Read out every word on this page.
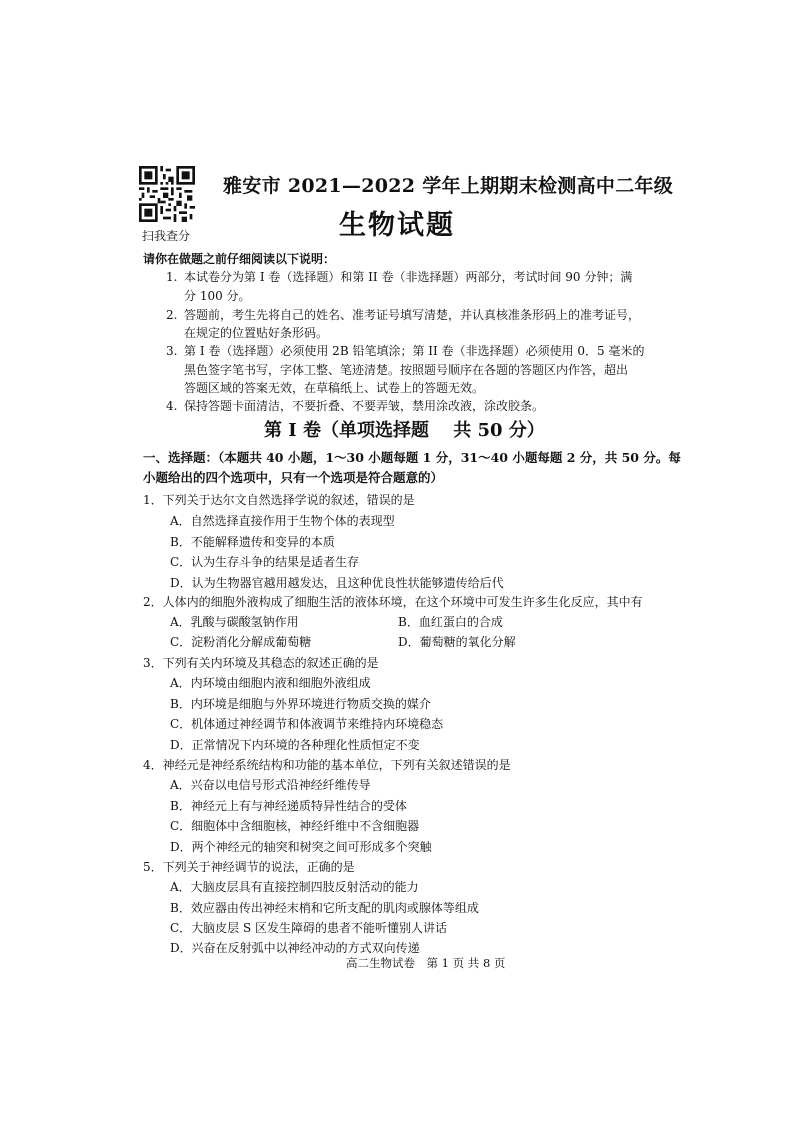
扫我查分
雅安市 2021—2022 学年上期期末检测高中二年级
生物试题
请你在做题之前仔细阅读以下说明：
1. 本试卷分为第 I 卷（选择题）和第 II 卷（非选择题）两部分，考试时间 90 分钟；满
分 100 分。
2. 答题前，考生先将自己的姓名、准考证号填写清楚，并认真核准条形码上的准考证号，
在规定的位置贴好条形码。
3. 第 I 卷（选择题）必须使用 2B 铅笔填涂；第 II 卷（非选择题）必须使用 0．5 毫米的
黑色签字笔书写，字体工整、笔迹清楚。按照题号顺序在各题的答题区内作答，超出
答题区域的答案无效，在草稿纸上、试卷上的答题无效。
4. 保持答题卡面清洁，不要折叠、不要弄皱，禁用涂改液，涂改胶条。
第 I 卷（单项选择题　 共 50 分）
一、选择题：（本题共 40 小题，1～30 小题每题 1 分，31～40 小题每题 2 分，共 50 分。每
小题给出的四个选项中，只有一个选项是符合题意的）
1．下列关于达尔文自然选择学说的叙述，错误的是
A．自然选择直接作用于生物个体的表现型
B．不能解释遗传和变异的本质
C．认为生存斗争的结果是适者生存
D．认为生物器官越用越发达，且这种优良性状能够遗传给后代
2．人体内的细胞外液构成了细胞生活的液体环境，在这个环境中可发生许多生化反应，其中有
A．乳酸与碳酸氢钠作用	B．血红蛋白的合成
C．淀粉消化分解成葡萄糖	D．葡萄糖的氧化分解
3．下列有关内环境及其稳态的叙述正确的是
A．内环境由细胞内液和细胞外液组成
B．内环境是细胞与外界环境进行物质交换的媒介
C．机体通过神经调节和体液调节来维持内环境稳态
D．正常情况下内环境的各种理化性质恒定不变
4．神经元是神经系统结构和功能的基本单位，下列有关叙述错误的是
A．兴奋以电信号形式沿神经纤维传导
B．神经元上有与神经递质特异性结合的受体
C．细胞体中含细胞核，神经纤维中不含细胞器
D．两个神经元的轴突和树突之间可形成多个突触
5．下列关于神经调节的说法，正确的是
A．大脑皮层具有直接控制四肢反射活动的能力
B．效应器由传出神经末梢和它所支配的肌肉或腺体等组成
C．大脑皮层 S 区发生障碍的患者不能听懂别人讲话
D．兴奋在反射弧中以神经冲动的方式双向传递
高二生物试卷　第 1 页 共 8 页
